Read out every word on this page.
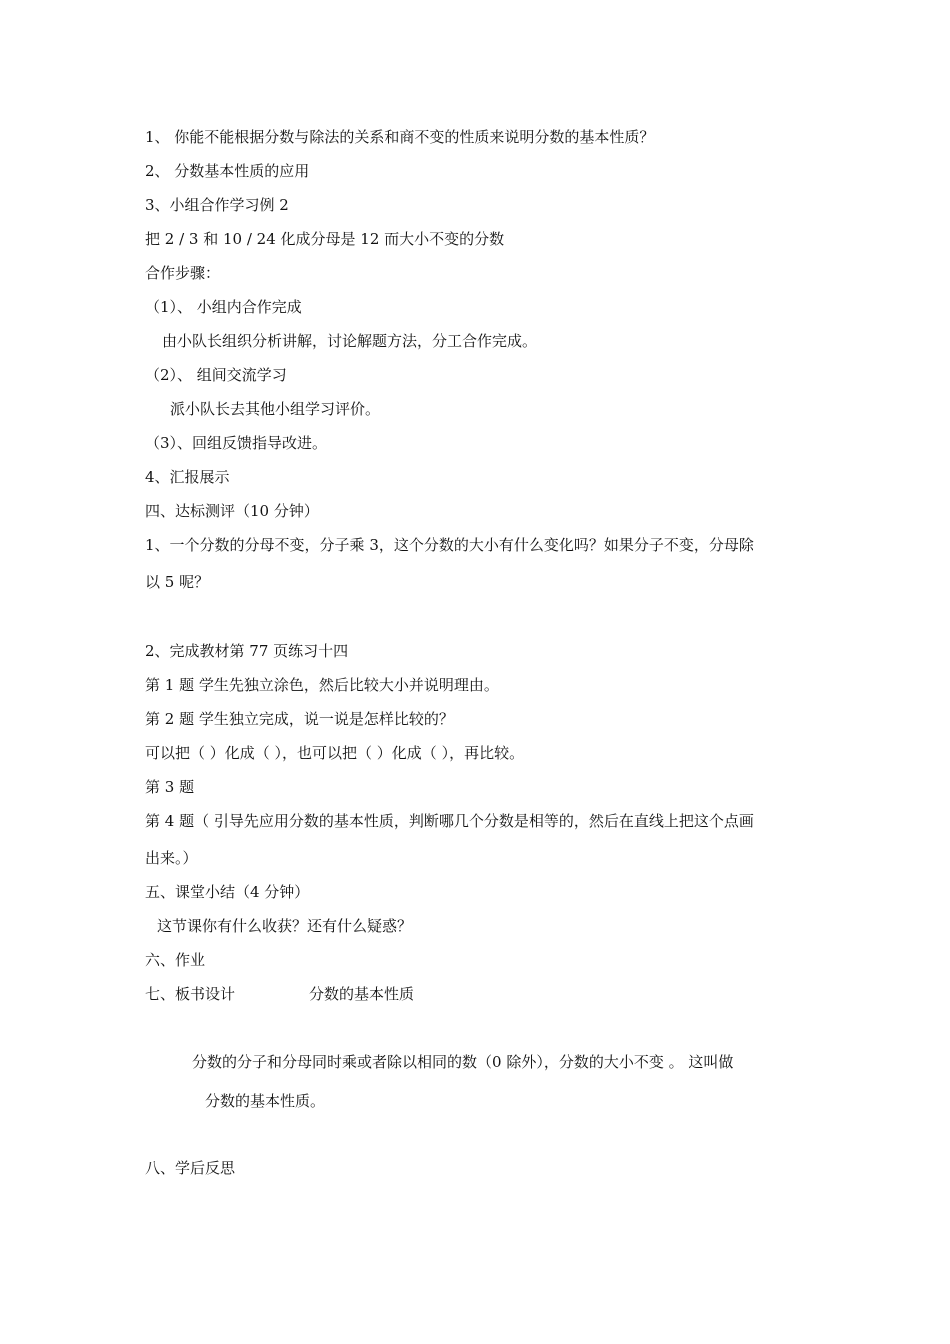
1、 你能不能根据分数与除法的关系和商不变的性质来说明分数的基本性质？

2、 分数基本性质的应用

3、小组合作学习例 2

把 2 / 3 和 10 / 24 化成分母是 12 而大小不变的分数

合作步骤：

（1）、 小组内合作完成

由小队长组织分析讲解，讨论解题方法，分工合作完成。

（2）、 组间交流学习

派小队长去其他小组学习评价。

（3）、回组反馈指导改进。

4、汇报展示

四、达标测评（10 分钟）

1、一个分数的分母不变，分子乘 3，这个分数的大小有什么变化吗？如果分子不变，分母除

以 5 呢？

2、完成教材第 77 页练习十四

第 1 题 学生先独立涂色，然后比较大小并说明理由。

第 2 题 学生独立完成，说一说是怎样比较的？

可以把（ ）化成（ ），也可以把（ ）化成（ ），再比较。

第 3 题

第 4 题（ 引导先应用分数的基本性质，判断哪几个分数是相等的，然后在直线上把这个点画

出来。）

五、课堂小结（4 分钟）

这节课你有什么收获？还有什么疑惑？

六、作业

七、板书设计	分数的基本性质

分数的分子和分母同时乘或者除以相同的数（0 除外），分数的大小不变 。 这叫做

分数的基本性质。

八、学后反思
